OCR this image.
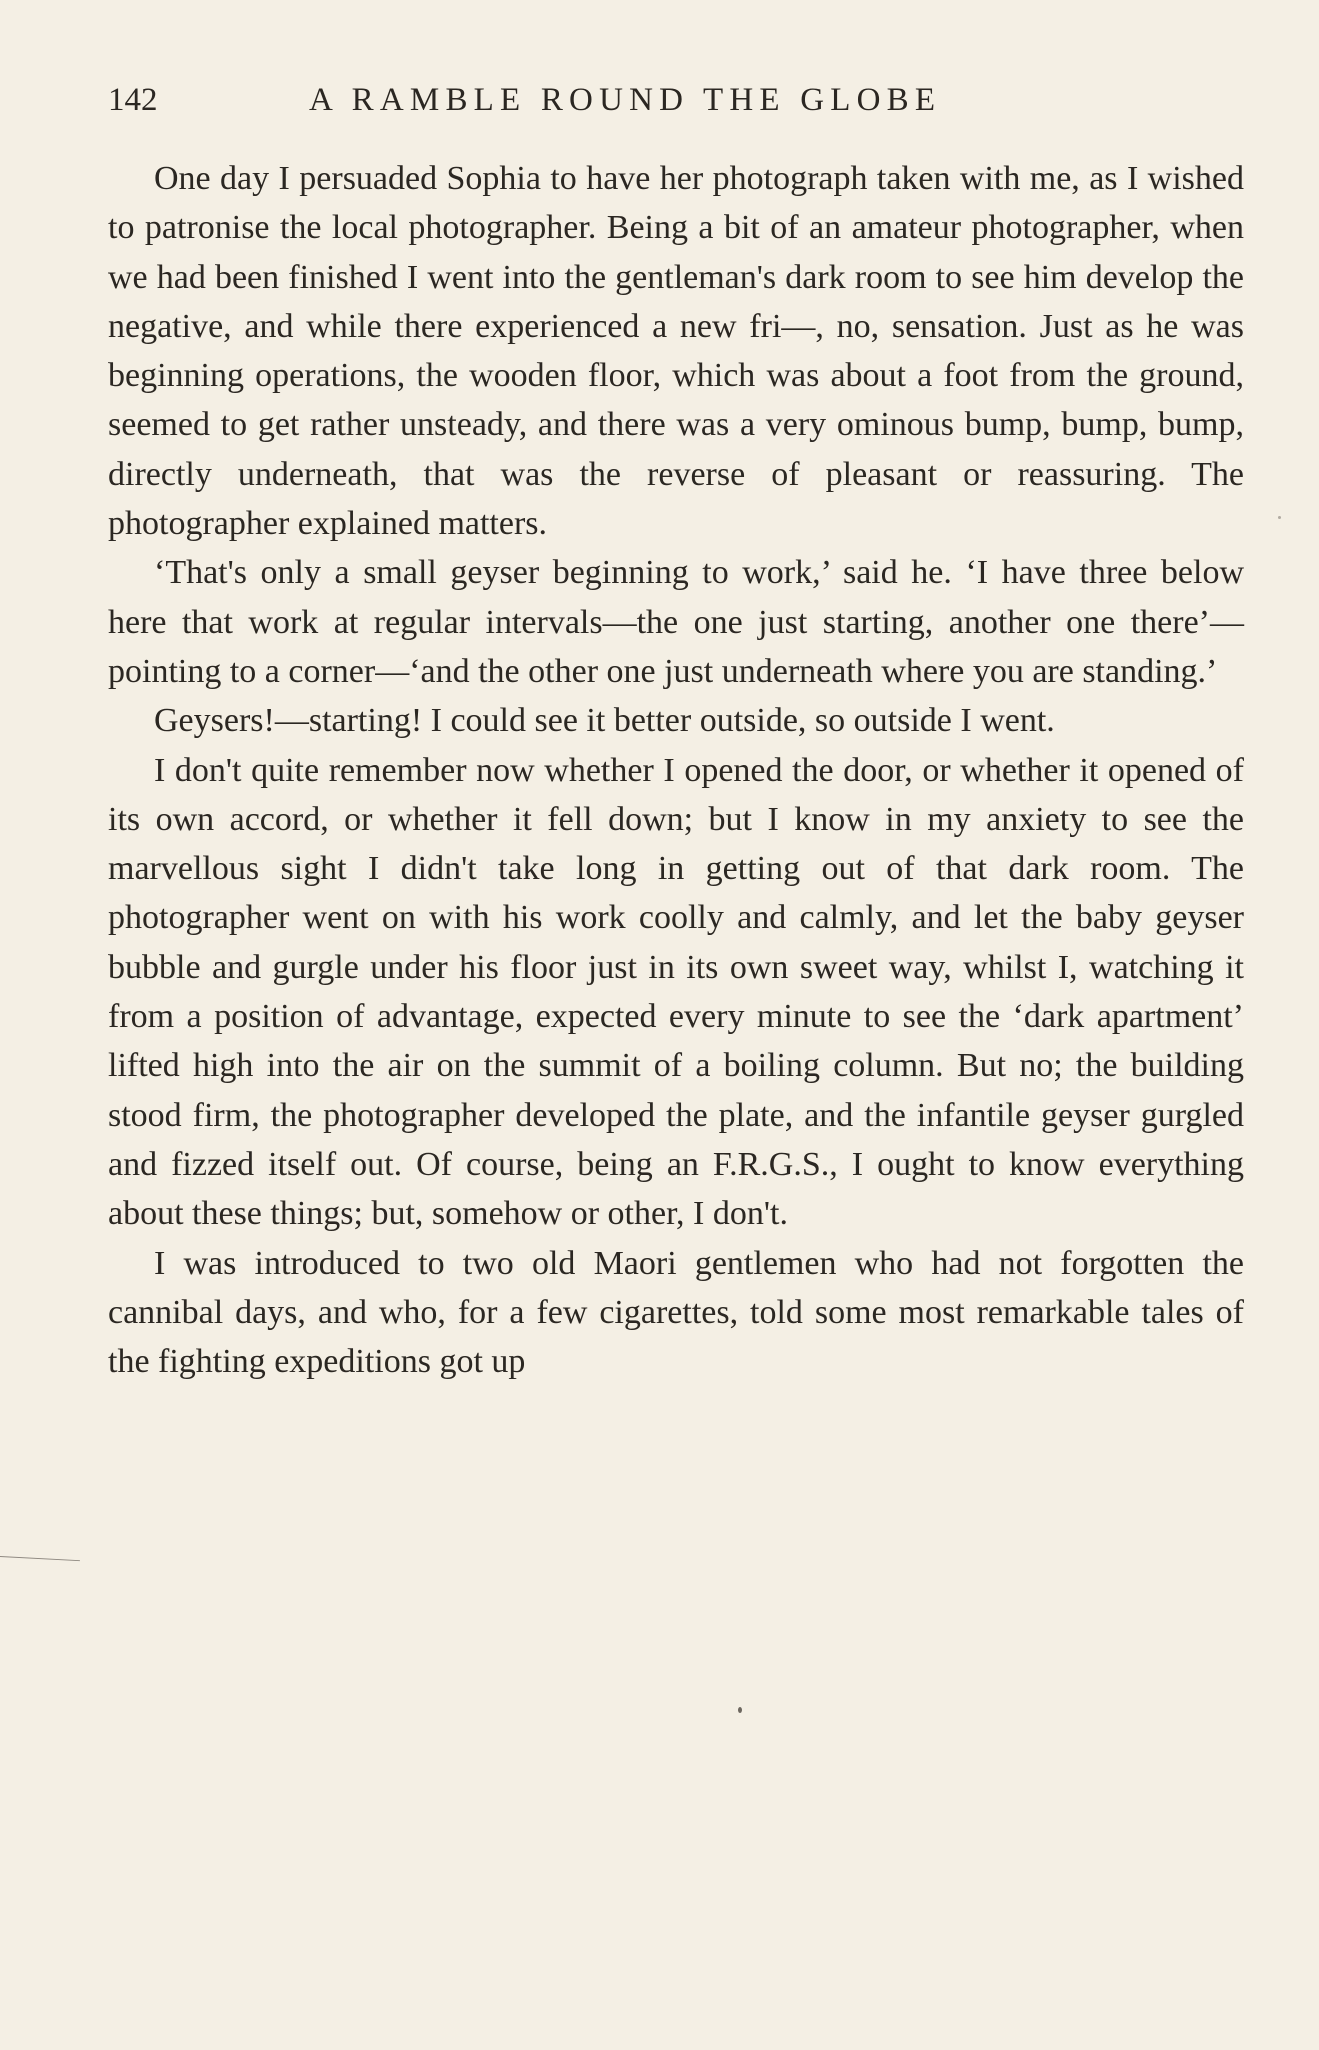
142	A RAMBLE ROUND THE GLOBE

One day I persuaded Sophia to have her photograph taken with me, as I wished to patronise the local photographer. Being a bit of an amateur photographer, when we had been finished I went into the gentleman's dark room to see him develop the negative, and while there experienced a new fri—, no, sensation. Just as he was beginning operations, the wooden floor, which was about a foot from the ground, seemed to get rather unsteady, and there was a very ominous bump, bump, bump, directly underneath, that was the reverse of pleasant or reassuring. The photographer explained matters.

‘That's only a small geyser beginning to work,’ said he. ‘I have three below here that work at regular intervals—the one just starting, another one there’—pointing to a corner—‘and the other one just underneath where you are standing.’

Geysers!—starting! I could see it better outside, so outside I went.

I don't quite remember now whether I opened the door, or whether it opened of its own accord, or whether it fell down; but I know in my anxiety to see the marvellous sight I didn't take long in getting out of that dark room. The photographer went on with his work coolly and calmly, and let the baby geyser bubble and gurgle under his floor just in its own sweet way, whilst I, watching it from a position of advantage, expected every minute to see the ‘dark apartment’ lifted high into the air on the summit of a boiling column. But no; the building stood firm, the photographer developed the plate, and the infantile geyser gurgled and fizzed itself out. Of course, being an F.R.G.S., I ought to know everything about these things; but, somehow or other, I don't.

I was introduced to two old Maori gentlemen who had not forgotten the cannibal days, and who, for a few cigarettes, told some most remarkable tales of the fighting expeditions got up
